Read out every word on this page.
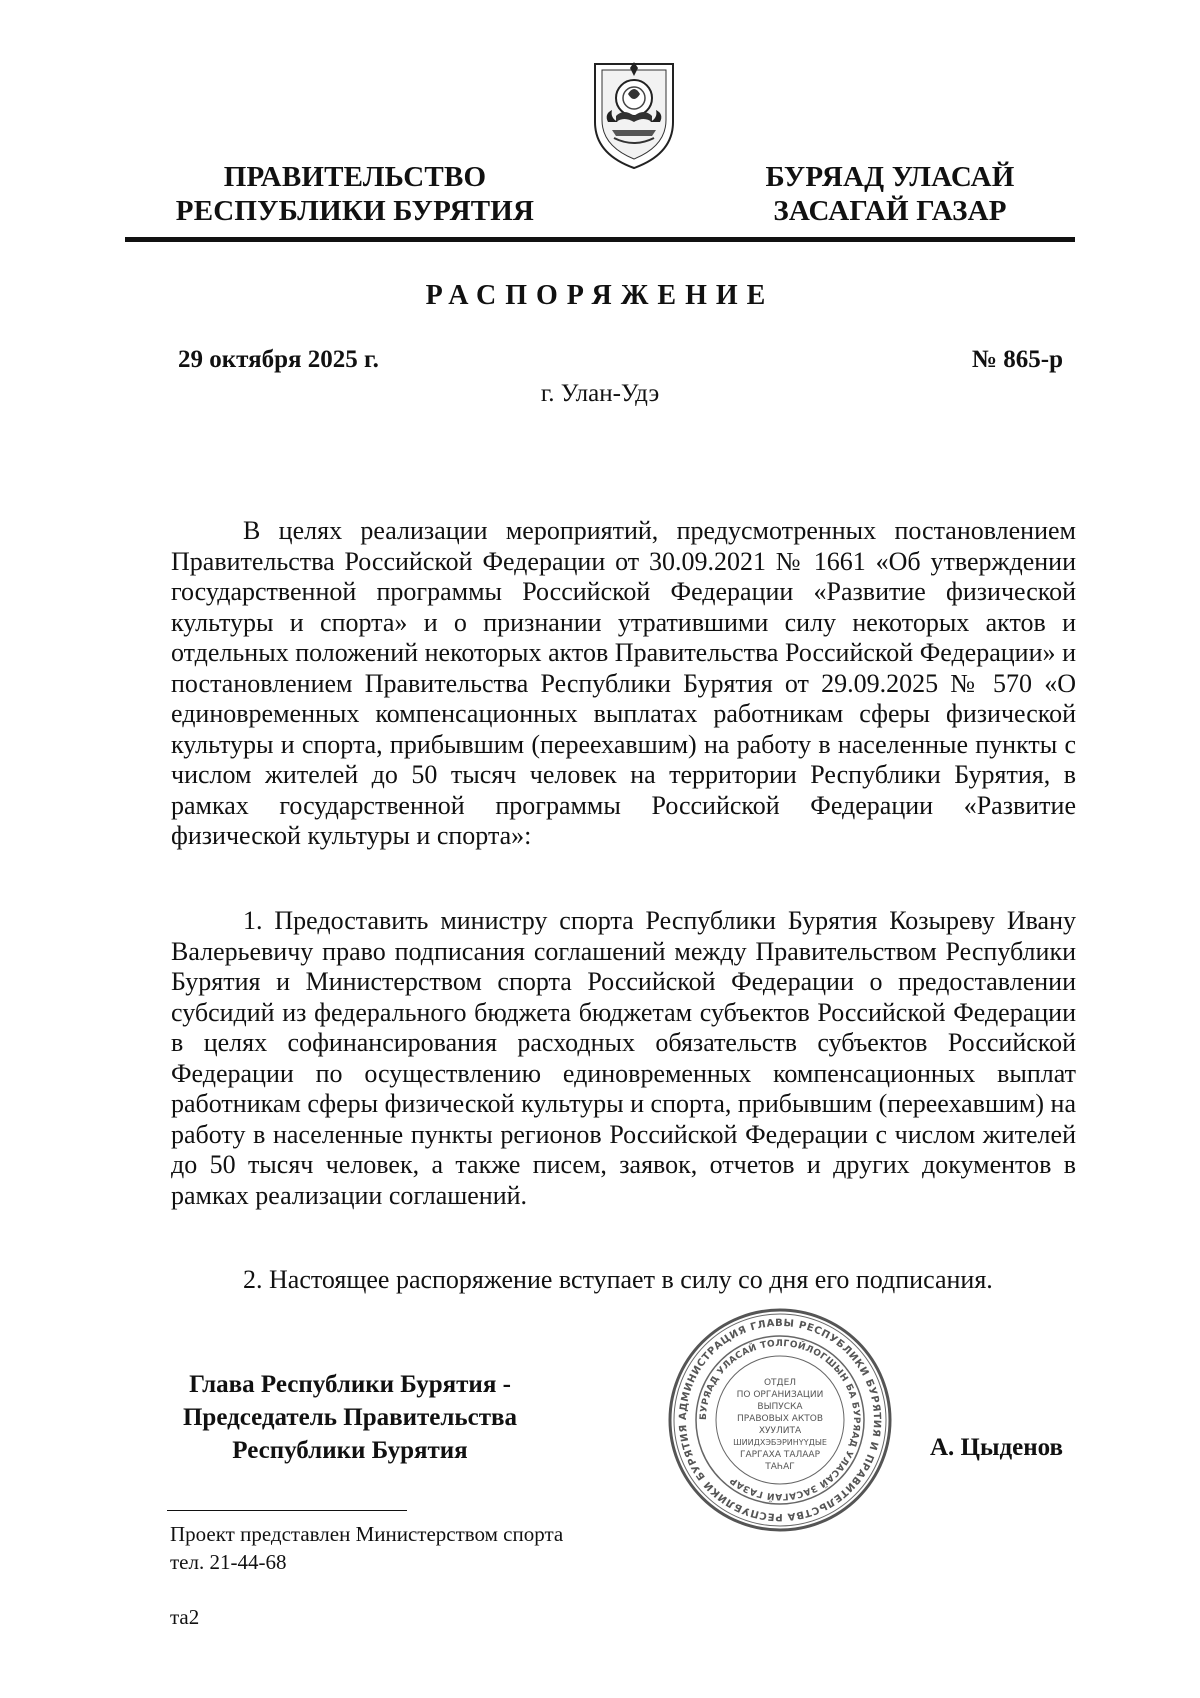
ПРАВИТЕЛЬСТВО
РЕСПУБЛИКИ БУРЯТИЯ
БУРЯАД УЛАСАЙ
ЗАСАГАЙ ГАЗАР
РАСПОРЯЖЕНИЕ
29 октября 2025 г.	№ 865-р
г. Улан-Удэ

В целях реализации мероприятий, предусмотренных постановлением Правительства Российской Федерации от 30.09.2021 № 1661 «Об утверждении государственной программы Российской Федерации «Развитие физической культуры и спорта» и о признании утратившими силу некоторых актов и отдельных положений некоторых актов Правительства Российской Федерации» и постановлением Правительства Республики Бурятия от 29.09.2025 № 570 «О единовременных компенсационных выплатах работникам сферы физической культуры и спорта, прибывшим (переехавшим) на работу в населенные пункты с числом жителей до 50 тысяч человек на территории Республики Бурятия, в рамках государственной программы Российской Федерации «Развитие физической культуры и спорта»:

1. Предоставить министру спорта Республики Бурятия Козыреву Ивану Валерьевичу право подписания соглашений между Правительством Республики Бурятия и Министерством спорта Российской Федерации о предоставлении субсидий из федерального бюджета бюджетам субъектов Российской Федерации в целях софинансирования расходных обязательств субъектов Российской Федерации по осуществлению единовременных компенсационных выплат работникам сферы физической культуры и спорта, прибывшим (переехавшим) на работу в населенные пункты регионов Российской Федерации с числом жителей до 50 тысяч человек, а также писем, заявок, отчетов и других документов в рамках реализации соглашений.

2. Настоящее распоряжение вступает в силу со дня его подписания.

Глава Республики Бурятия -
Председатель Правительства
Республики Бурятия
АДМИНИСТРАЦИЯ ГЛАВЫ РЕСПУБЛИКИ БУРЯТИЯ И ПРАВИТЕЛЬСТВА РЕСПУБЛИКИ БУРЯТИЯ
БУРЯАД УЛАСАЙ ТОЛГОЙЛОГШЫН БА БУРЯАД УЛАСАЙ ЗАСАГАЙ ГАЗАР
ОТДЕЛ
ПО ОРГАНИЗАЦИИ
ВЫПУСКА
ПРАВОВЫХ АКТОВ
ХУУЛИТА
ШИИДХЭБЭРИНҮҮДЫЕ
ГАРГАХА ТАЛААР
ТАҺАГ
А. Цыденов
Проект представлен Министерством спорта
тел. 21-44-68
та2
